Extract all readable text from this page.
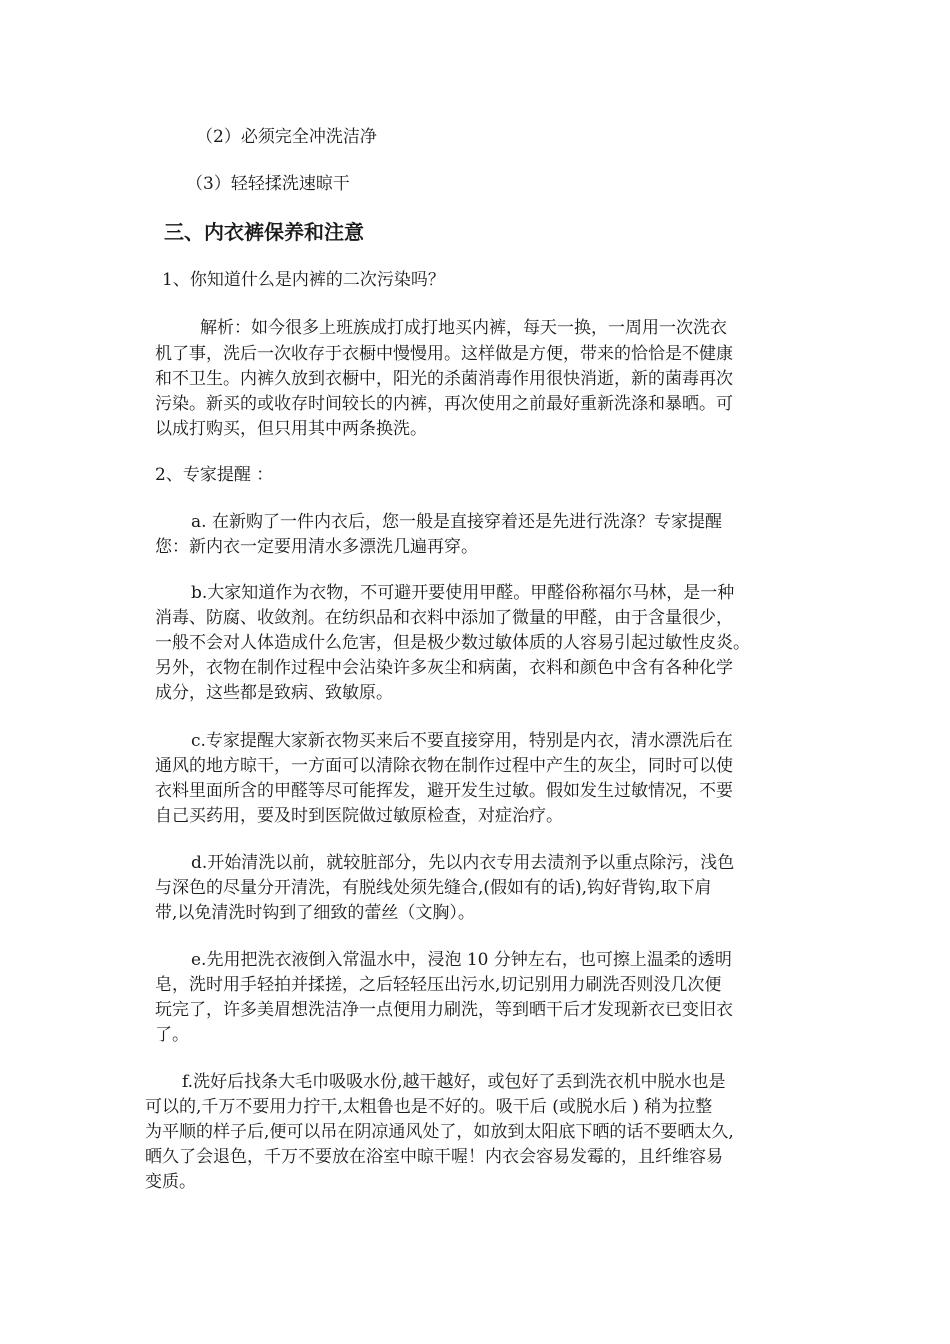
（2）必须完全冲洗洁净

（3）轻轻揉洗速晾干

三、内衣裤保养和注意

1、你知道什么是内裤的二次污染吗？

解析：如今很多上班族成打成打地买内裤，每天一换，一周用一次洗衣

机了事，洗后一次收存于衣橱中慢慢用。这样做是方便，带来的恰恰是不健康

和不卫生。内裤久放到衣橱中，阳光的杀菌消毒作用很快消逝，新的菌毒再次

污染。新买的或收存时间较长的内裤，再次使用之前最好重新洗涤和暴晒。可

以成打购买，但只用其中两条换洗。

2、专家提醒 ：

a. 在新购了一件内衣后，您一般是直接穿着还是先进行洗涤？专家提醒

您：新内衣一定要用清水多漂洗几遍再穿。

b.大家知道作为衣物，不可避开要使用甲醛。甲醛俗称福尔马林，是一种

消毒、防腐、收敛剂。在纺织品和衣料中添加了微量的甲醛，由于含量很少，

一般不会对人体造成什么危害，但是极少数过敏体质的人容易引起过敏性皮炎。

另外，衣物在制作过程中会沾染许多灰尘和病菌，衣料和颜色中含有各种化学

成分，这些都是致病、致敏原。

c.专家提醒大家新衣物买来后不要直接穿用，特别是内衣，清水漂洗后在

通风的地方晾干，一方面可以清除衣物在制作过程中产生的灰尘，同时可以使

衣料里面所含的甲醛等尽可能挥发，避开发生过敏。假如发生过敏情况，不要

自己买药用，要及时到医院做过敏原检查，对症治疗。

d.开始清洗以前，就较脏部分，先以内衣专用去渍剂予以重点除污，浅色

与深色的尽量分开清洗，有脱线处须先缝合,(假如有的话),钩好背钩,取下肩

带,以免清洗时钩到了细致的蕾丝（文胸）。

e.先用把洗衣液倒入常温水中，浸泡 10 分钟左右，也可擦上温柔的透明

皂，洗时用手轻拍并揉搓，之后轻轻压出污水,切记别用力刷洗否则没几次便

玩完了，许多美眉想洗洁净一点便用力刷洗，等到晒干后才发现新衣已变旧衣

了。

f.洗好后找条大毛巾吸吸水份,越干越好，或包好了丢到洗衣机中脱水也是

可以的,千万不要用力拧干,太粗鲁也是不好的。吸干后 (或脱水后 ) 稍为拉整

为平顺的样子后,便可以吊在阴凉通风处了，如放到太阳底下晒的话不要晒太久,

晒久了会退色，千万不要放在浴室中晾干喔！内衣会容易发霉的，且纤维容易

变质。
